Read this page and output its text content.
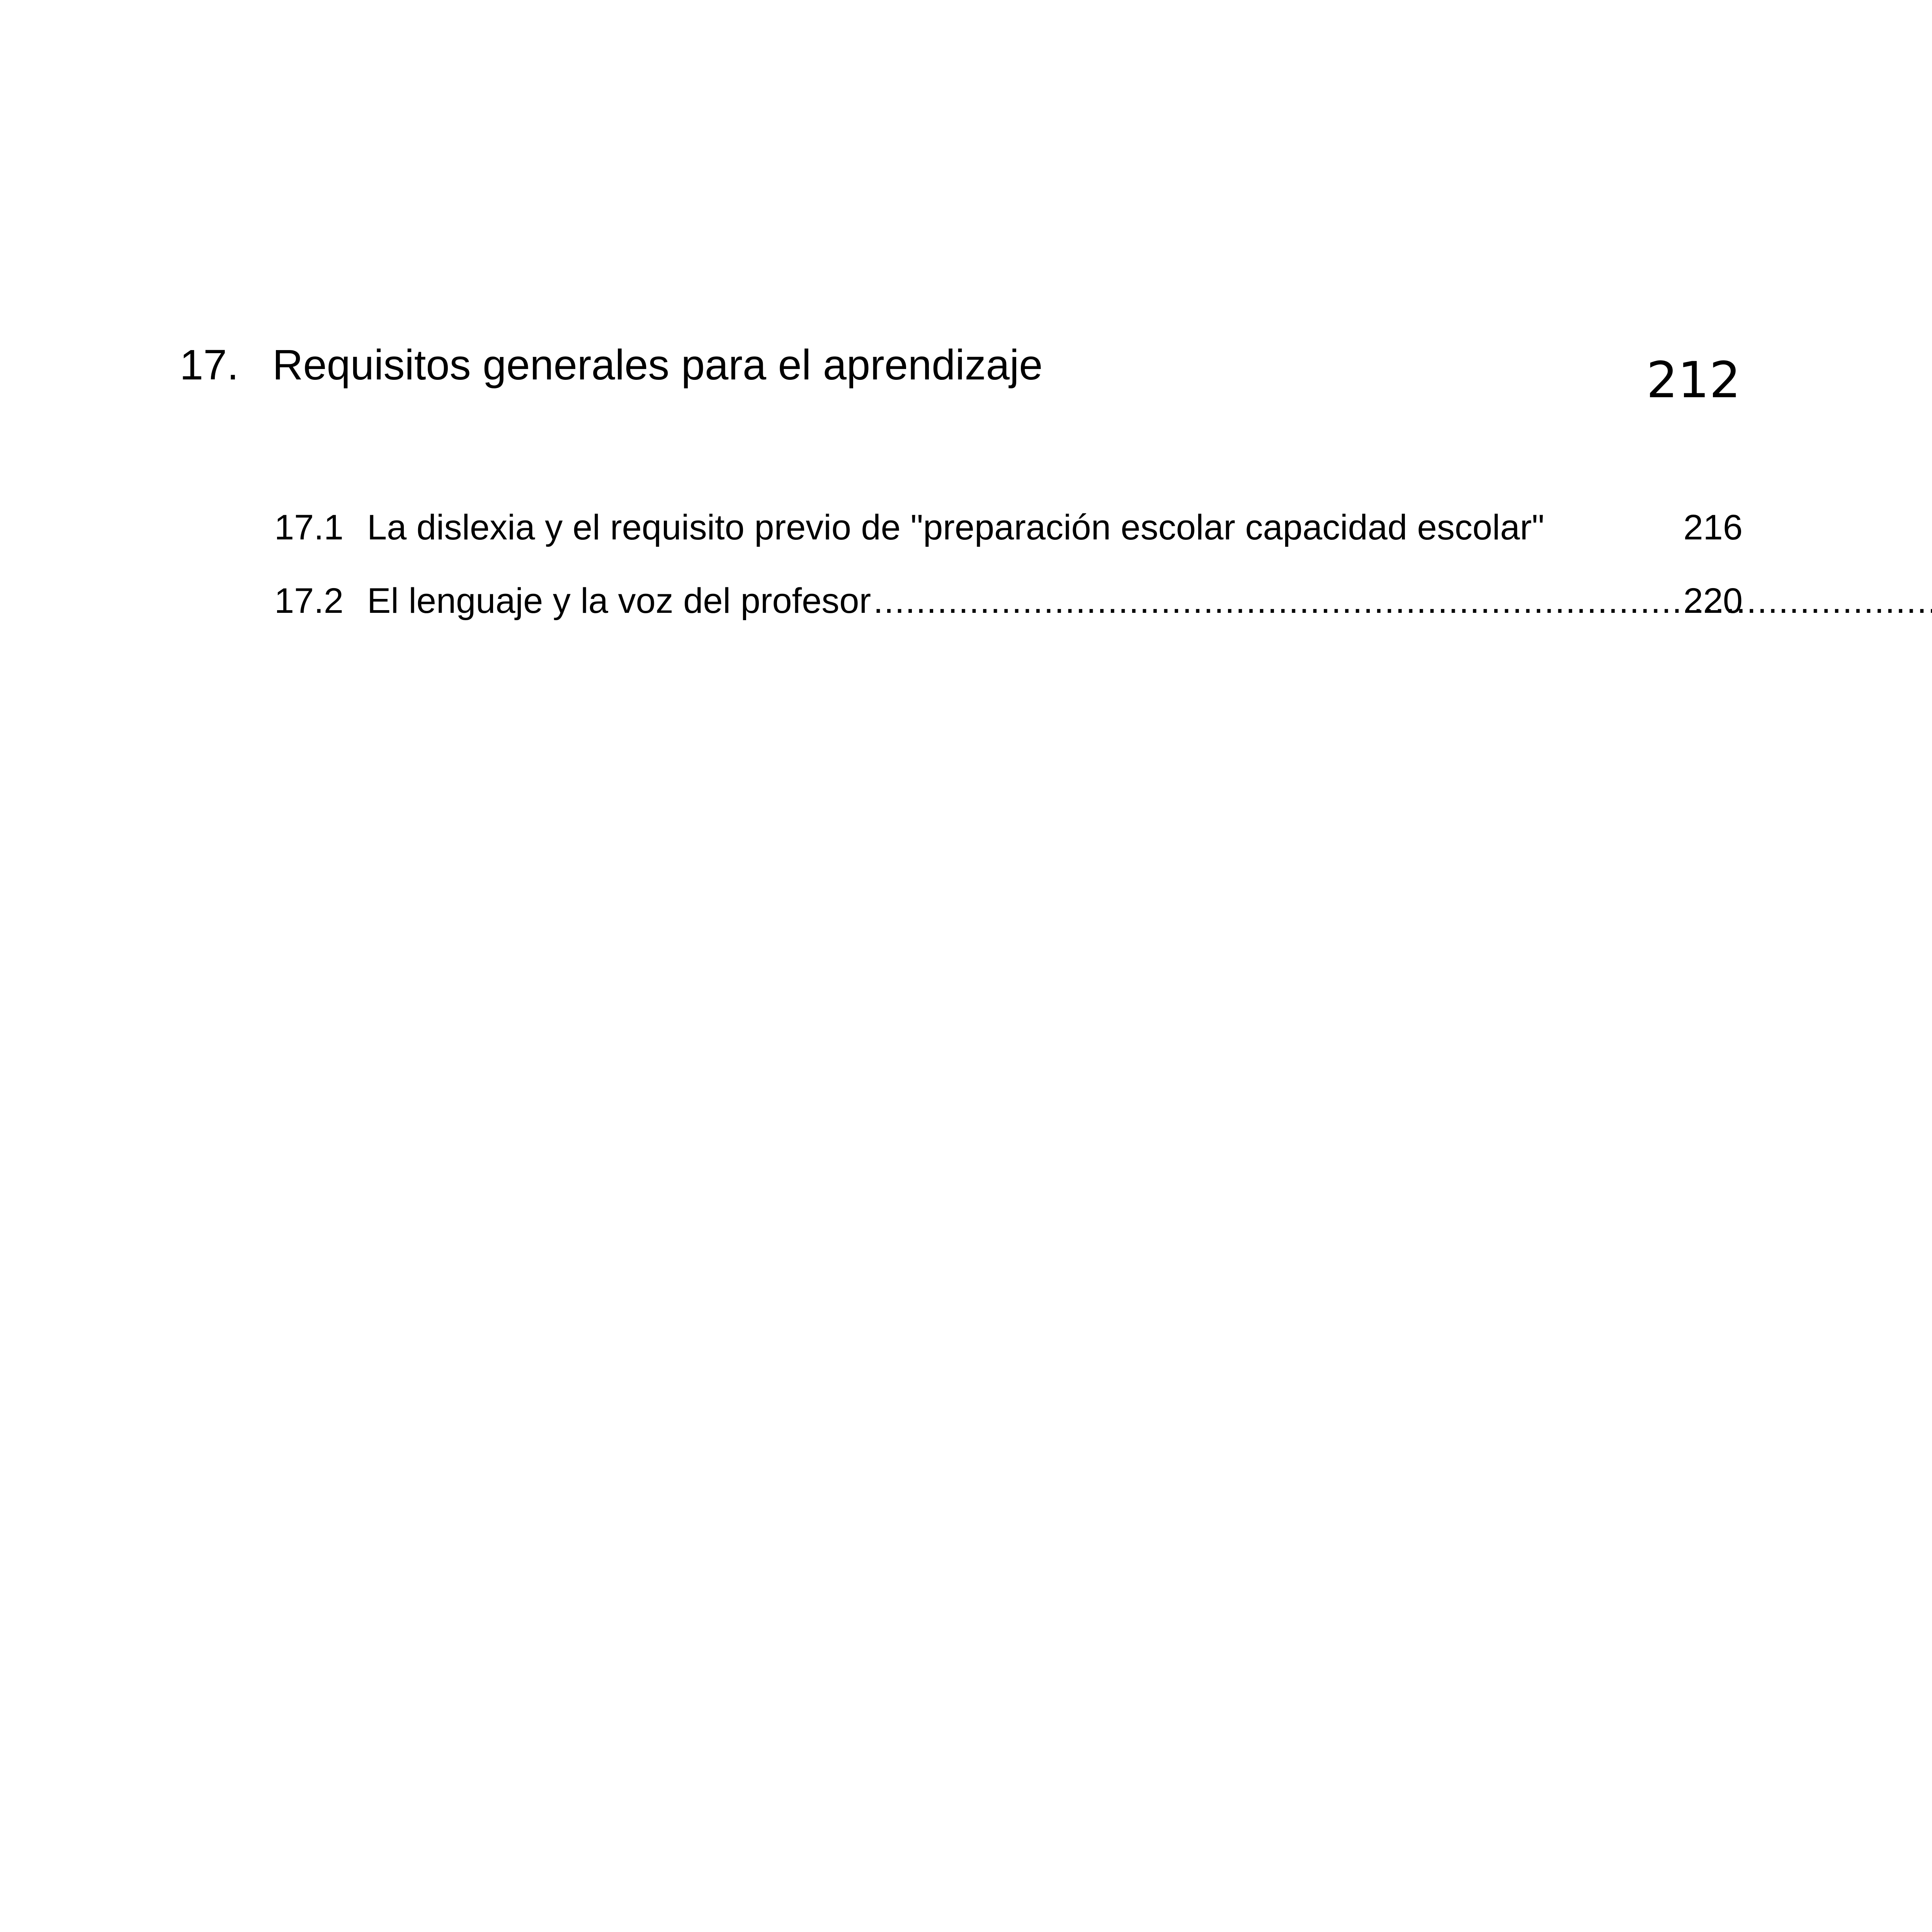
17. Requisitos generales para el aprendizaje	212
17.1 La dislexia y el requisito previo de "preparación escolar capacidad escolar"	216
17.2 El lenguaje y la voz del profesor .....	220
